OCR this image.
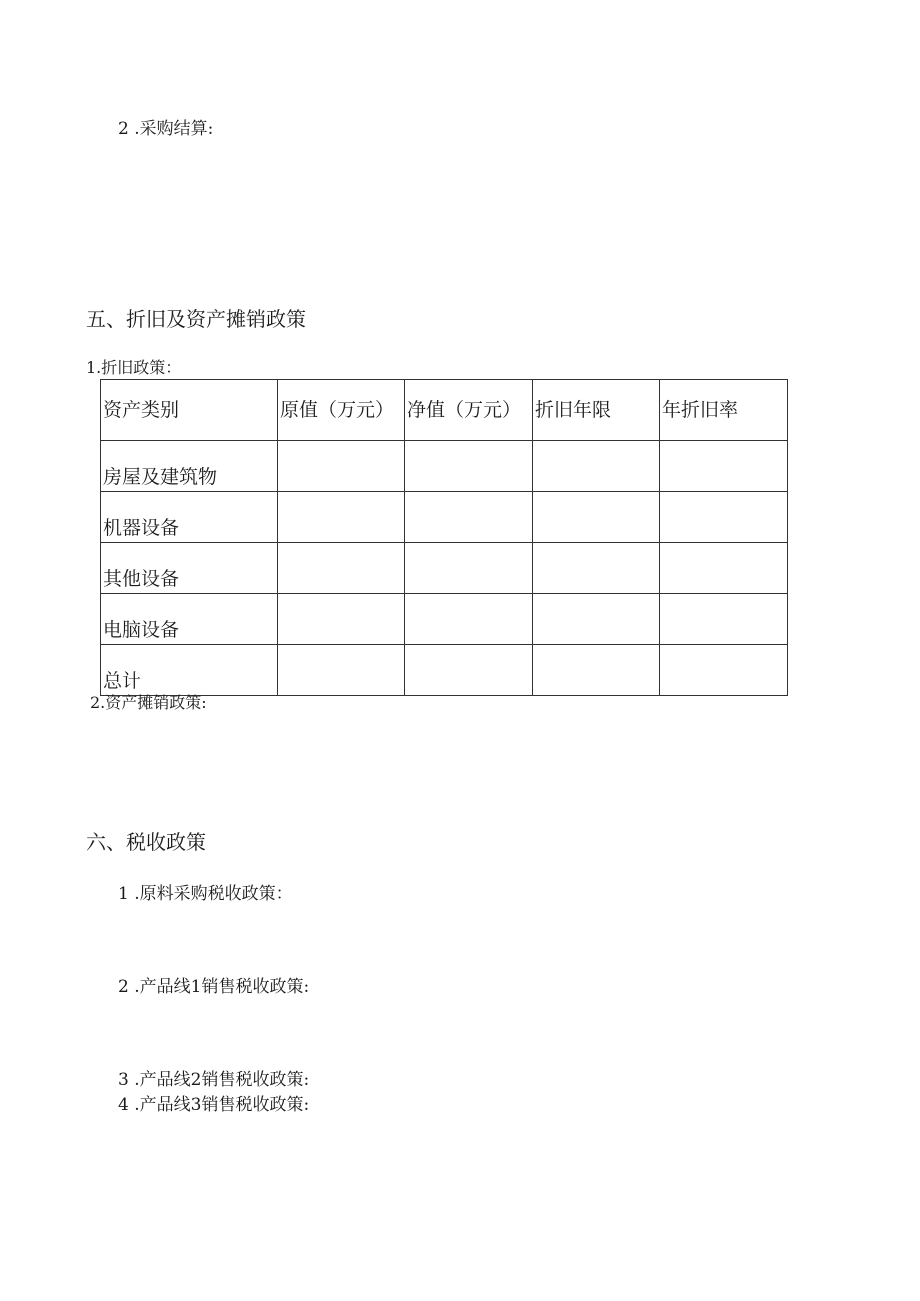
2 .采购结算:
五、折旧及资产摊销政策
1.折旧政策：
资产类别	原值（万元）	净值（万元）	折旧年限	年折旧率
房屋及建筑物				
机器设备				
其他设备				
电脑设备				
总计				
2.资产摊销政策:
六、税收政策
1 .原料采购税收政策：
2 .产品线1销售税收政策:
3 .产品线2销售税收政策:
4 .产品线3销售税收政策:
